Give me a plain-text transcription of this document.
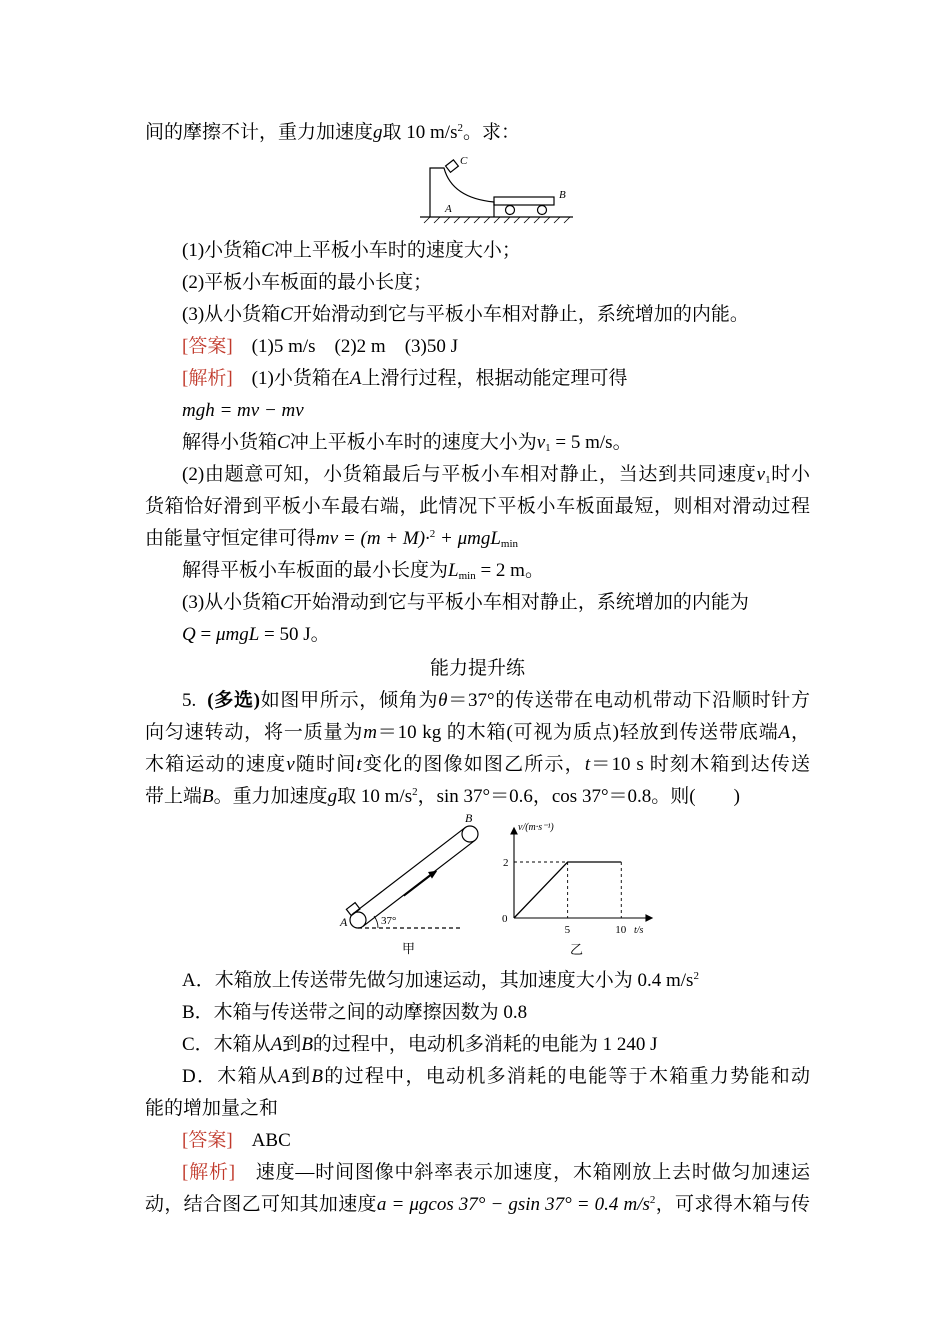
间的摩擦不计，重力加速度g取 10 $m/s^2$。求：
C
B
A
(1)小货箱C冲上平板小车时的速度大小；
(2)平板小车板面的最小长度；
(3)从小货箱C开始滑动到它与平板小车相对静止，系统增加的内能。
[答案]　 (1)5 m/s　(2)2 m　(3)50 J
[解析]　 (1)小货箱在A上滑行过程，根据动能定理可得
mgh = mv − mv
解得小货箱C冲上平板小车时的速度大小为$v_1 = 5$ m/s。
(2)由题意可知，小货箱最后与平板小车相对静止，当达到共同速度$v_1$时小
货箱恰好滑到平板小车最右端，此情况下平板小车板面最短，则相对滑动过程
由能量守恒定律可得mv = (m + M)·$^2$ + μmgL$_{min}$
解得平板小车板面的最小长度为$L_{min} = 2$ m。
(3)从小货箱C开始滑动到它与平板小车相对静止，系统增加的内能为
Q = μmgL = 50 J。
能力提升练
5. (多选)如图甲所示，倾角为θ＝37°的传送带在电动机带动下沿顺时针方
向匀速转动，将一质量为m＝10 kg 的木箱(可视为质点)轻放到传送带底端A，
木箱运动的速度v随时间t变化的图像如图乙所示，t＝10 s 时刻木箱到达传送
带上端B。重力加速度g取 10 $m/s^2$，sin 37°＝0.6，cos 37°＝0.8。则(　　)
A
B
37°
甲
v/(m·s⁻¹)
t/s
0
2
5	10
乙
A．木箱放上传送带先做匀加速运动，其加速度大小为 0.4 $m/s^2$
B．木箱与传送带之间的动摩擦因数为 0.8
C．木箱从A到B的过程中，电动机多消耗的电能为 1 240 J
D．木箱从A到B的过程中，电动机多消耗的电能等于木箱重力势能和动
能的增加量之和
[答案]　 ABC
[解析]　 速度—时间图像中斜率表示加速度，木箱刚放上去时做匀加速运
动，结合图乙可知其加速度a = μgcos 37° − gsin 37° = 0.4 $m/s^2$，可求得木箱与传
